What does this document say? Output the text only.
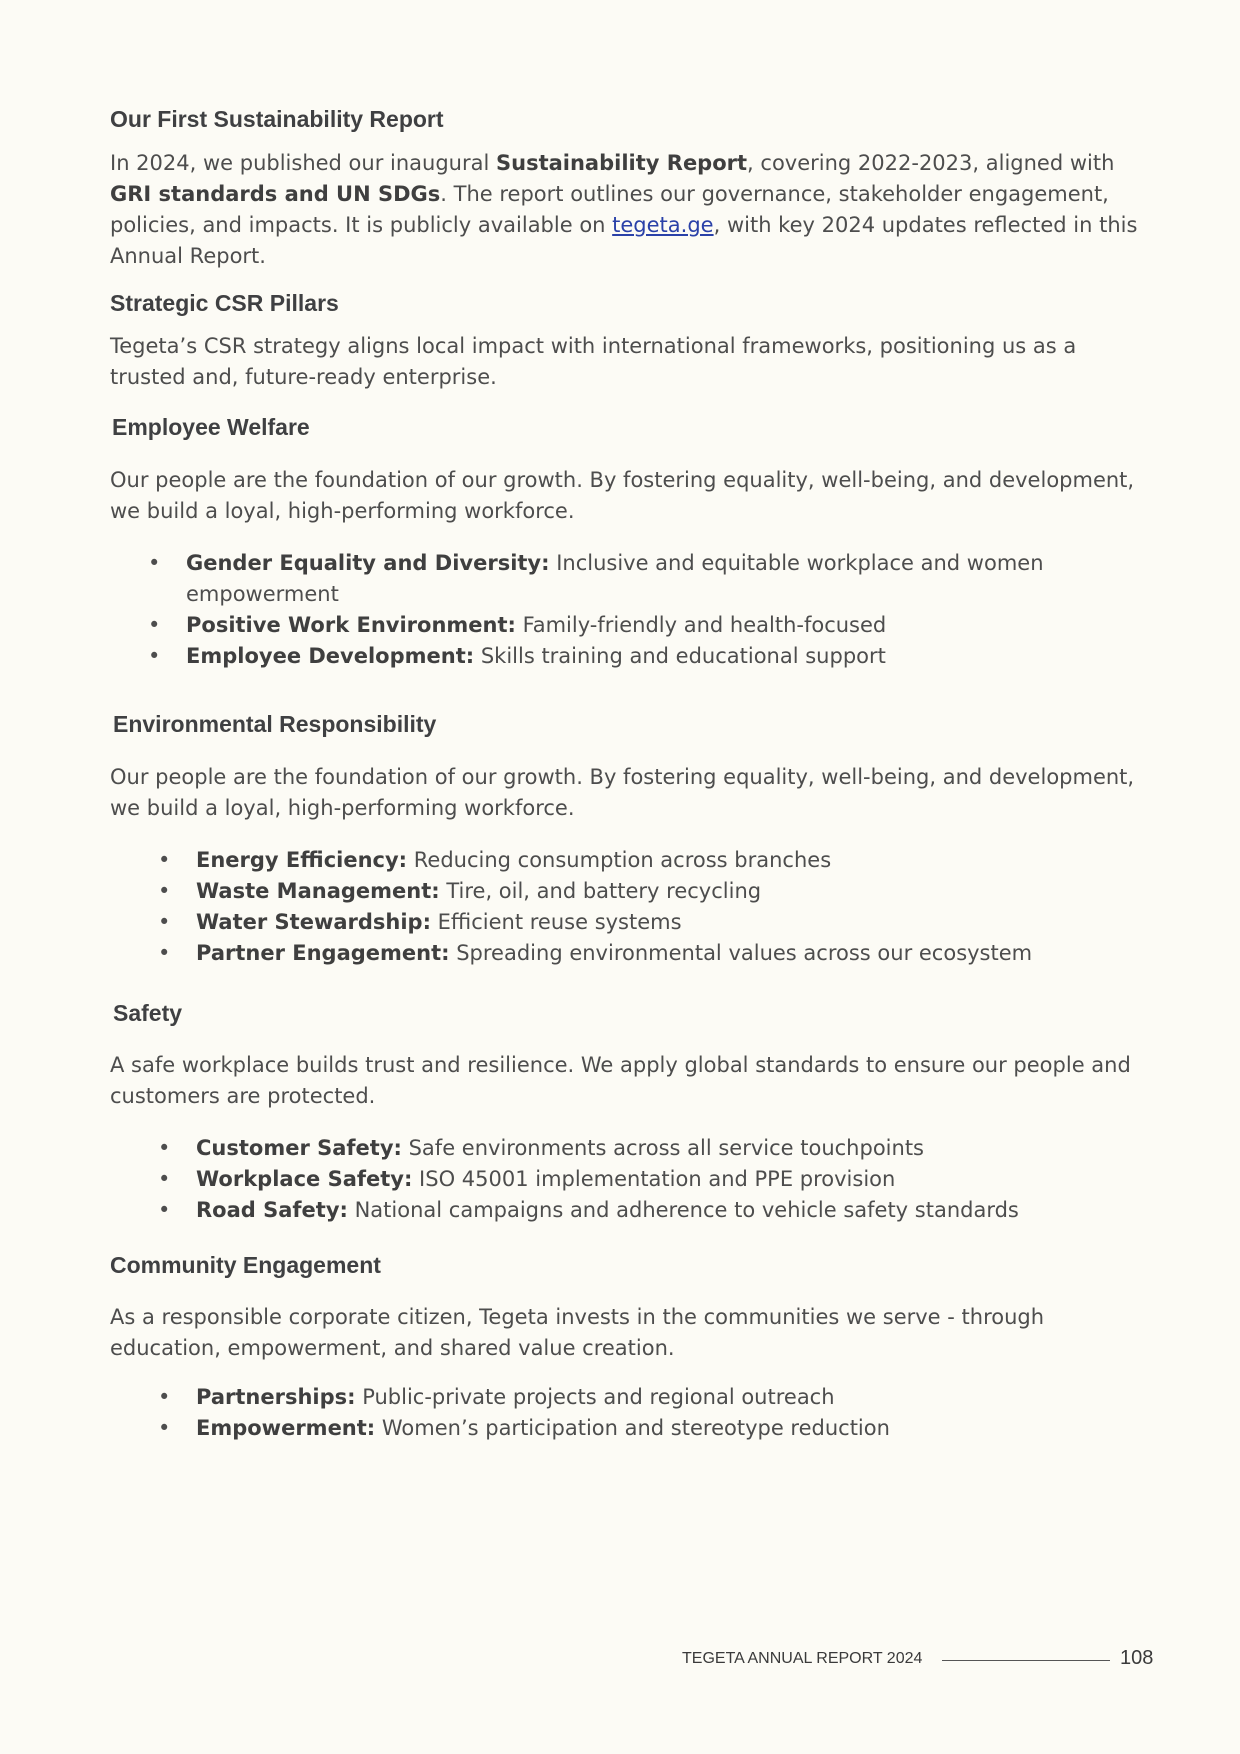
Our First Sustainability Report

In 2024, we published our inaugural Sustainability Report, covering 2022-2023, aligned with GRI standards and UN SDGs. The report outlines our governance, stakeholder engagement, policies, and impacts. It is publicly available on tegeta.ge, with key 2024 updates reflected in this Annual Report.

Strategic CSR Pillars

Tegeta’s CSR strategy aligns local impact with international frameworks, positioning us as a trusted and, future-ready enterprise.

Employee Welfare

Our people are the foundation of our growth. By fostering equality, well-being, and development, we build a loyal, high-performing workforce.

• Gender Equality and Diversity: Inclusive and equitable workplace and women empowerment
• Positive Work Environment: Family-friendly and health-focused
• Employee Development: Skills training and educational support
Environmental Responsibility

Our people are the foundation of our growth. By fostering equality, well-being, and development, we build a loyal, high-performing workforce.

• Energy Efficiency: Reducing consumption across branches
• Waste Management: Tire, oil, and battery recycling
• Water Stewardship: Efficient reuse systems
• Partner Engagement: Spreading environmental values across our ecosystem
Safety

A safe workplace builds trust and resilience. We apply global standards to ensure our people and customers are protected.

• Customer Safety: Safe environments across all service touchpoints
• Workplace Safety: ISO 45001 implementation and PPE provision
• Road Safety: National campaigns and adherence to vehicle safety standards
Community Engagement

As a responsible corporate citizen, Tegeta invests in the communities we serve - through education, empowerment, and shared value creation.

• Partnerships: Public-private projects and regional outreach
• Empowerment: Women’s participation and stereotype reduction
TEGETA ANNUAL REPORT 2024	108
